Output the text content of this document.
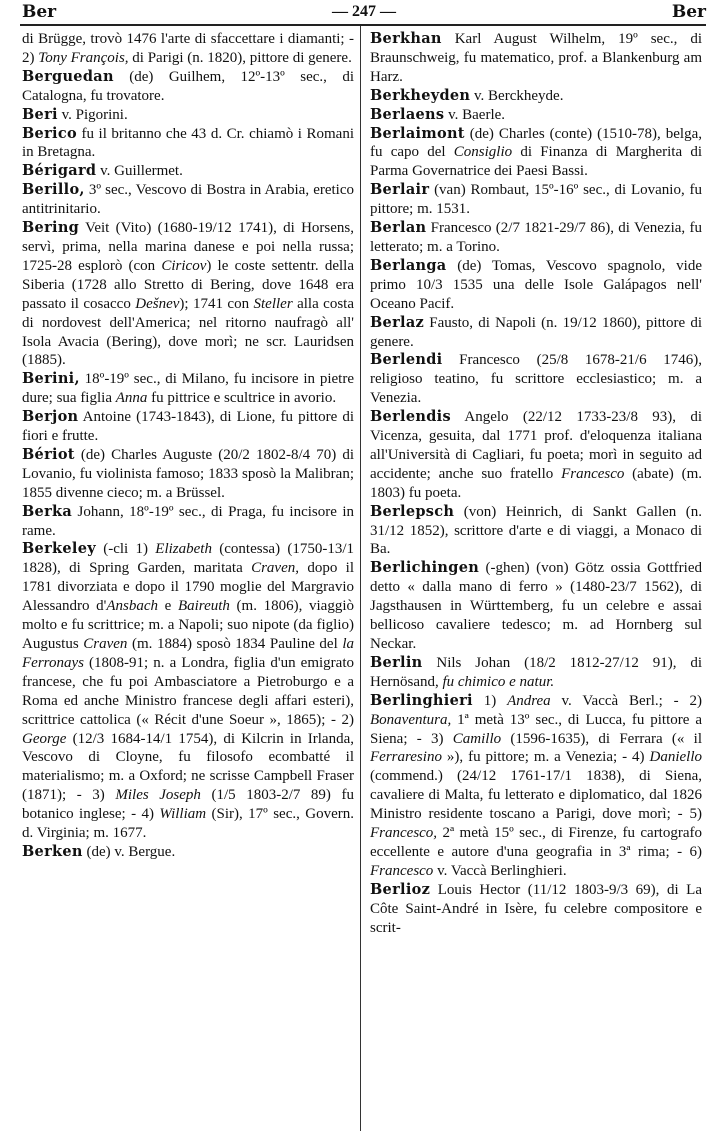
Ber	— 247 —	Ber

di Brügge, trovò 1476 l'arte di sfaccettare i diamanti; - 2) Tony François, di Parigi (n. 1820), pittore di genere.

Berguedan (de) Guilhem, 12º-13º sec., di Catalogna, fu trovatore.

Beri v. Pigorini.

Berico fu il britanno che 43 d. Cr. chiamò i Romani in Bretagna.

Bérigard v. Guillermet.

Berillo, 3º sec., Vescovo di Bostra in Arabia, eretico antitrinitario.

Bering Veit (Vito) (1680-19/12 1741), di Horsens, servì, prima, nella marina danese e poi nella russa; 1725-28 esplorò (con Ciricov) le coste settentr. della Siberia (1728 allo Stretto di Bering, dove 1648 era passato il cosacco Dešnev); 1741 con Steller alla costa di nordovest dell'America; nel ritorno naufragò all' Isola Avacia (Bering), dove morì; ne scr. Lauridsen (1885).

Berini, 18º-19º sec., di Milano, fu incisore in pietre dure; sua figlia Anna fu pittrice e scultrice in avorio.

Berjon Antoine (1743-1843), di Lione, fu pittore di fiori e frutte.

Bériot (de) Charles Auguste (20/2 1802-8/4 70) di Lovanio, fu violinista famoso; 1833 sposò la Malibran; 1855 divenne cieco; m. a Brüssel.

Berka Johann, 18º-19º sec., di Praga, fu incisore in rame.

Berkeley (-cli 1) Elizabeth (contessa) (1750-13/1 1828), di Spring Garden, maritata Craven, dopo il 1781 divorziata e dopo il 1790 moglie del Margravio Alessandro d'Ansbach e Baireuth (m. 1806), viaggiò molto e fu scrittrice; m. a Napoli; suo nipote (da figlio) Augustus Craven (m. 1884) sposò 1834 Pauline del la Ferronays (1808-91; n. a Londra, figlia d'un emigrato francese, che fu poi Ambasciatore a Pietroburgo e a Roma ed anche Ministro francese degli affari esteri), scrittrice cattolica (« Récit d'une Soeur », 1865); - 2) George (12/3 1684-14/1 1754), di Kilcrin in Irlanda, Vescovo di Cloyne, fu filosofo ecombatté il materialismo; m. a Oxford; ne scrisse Campbell Fraser (1871); - 3) Miles Joseph (1/5 1803-2/7 89) fu botanico inglese; - 4) William (Sir), 17º sec., Govern. d. Virginia; m. 1677.

Berken (de) v. Bergue.

Berkhan Karl August Wilhelm, 19º sec., di Braunschweig, fu matematico, prof. a Blankenburg am Harz.

Berkheyden v. Berckheyde.

Berlaens v. Baerle.

Berlaimont (de) Charles (conte) (1510-78), belga, fu capo del Consiglio di Finanza di Margherita di Parma Governatrice dei Paesi Bassi.

Berlair (van) Rombaut, 15º-16º sec., di Lovanio, fu pittore; m. 1531.

Berlan Francesco (2/7 1821-29/7 86), di Venezia, fu letterato; m. a Torino.

Berlanga (de) Tomas, Vescovo spagnolo, vide primo 10/3 1535 una delle Isole Galápagos nell' Oceano Pacif.

Berlaz Fausto, di Napoli (n. 19/12 1860), pittore di genere.

Berlendi Francesco (25/8 1678-21/6 1746), religioso teatino, fu scrittore ecclesiastico; m. a Venezia.

Berlendis Angelo (22/12 1733-23/8 93), di Vicenza, gesuita, dal 1771 prof. d'eloquenza italiana all'Università di Cagliari, fu poeta; morì in seguito ad accidente; anche suo fratello Francesco (abate) (m. 1803) fu poeta.

Berlepsch (von) Heinrich, di Sankt Gallen (n. 31/12 1852), scrittore d'arte e di viaggi, a Monaco di Ba.

Berlichingen (-ghen) (von) Götz ossia Gottfried detto « dalla mano di ferro » (1480-23/7 1562), di Jagsthausen in Württemberg, fu un celebre e assai bellicoso cavaliere tedesco; m. ad Hornberg sul Neckar.

Berlin Nils Johan (18/2 1812-27/12 91), di Hernösand, fu chimico e natur.

Berlinghieri 1) Andrea v. Vaccà Berl.; - 2) Bonaventura, 1ª metà 13º sec., di Lucca, fu pittore a Siena; - 3) Camillo (1596-1635), di Ferrara (« il Ferraresino »), fu pittore; m. a Venezia; - 4) Daniello (commend.) (24/12 1761-17/1 1838), di Siena, cavaliere di Malta, fu letterato e diplomatico, dal 1826 Ministro residente toscano a Parigi, dove morì; - 5) Francesco, 2ª metà 15º sec., di Firenze, fu cartografo eccellente e autore d'una geografia in 3ª rima; - 6) Francesco v. Vaccà Berlinghieri.

Berlioz Louis Hector (11/12 1803-9/3 69), di La Côte Saint-André in Isère, fu celebre compositore e scrit-
